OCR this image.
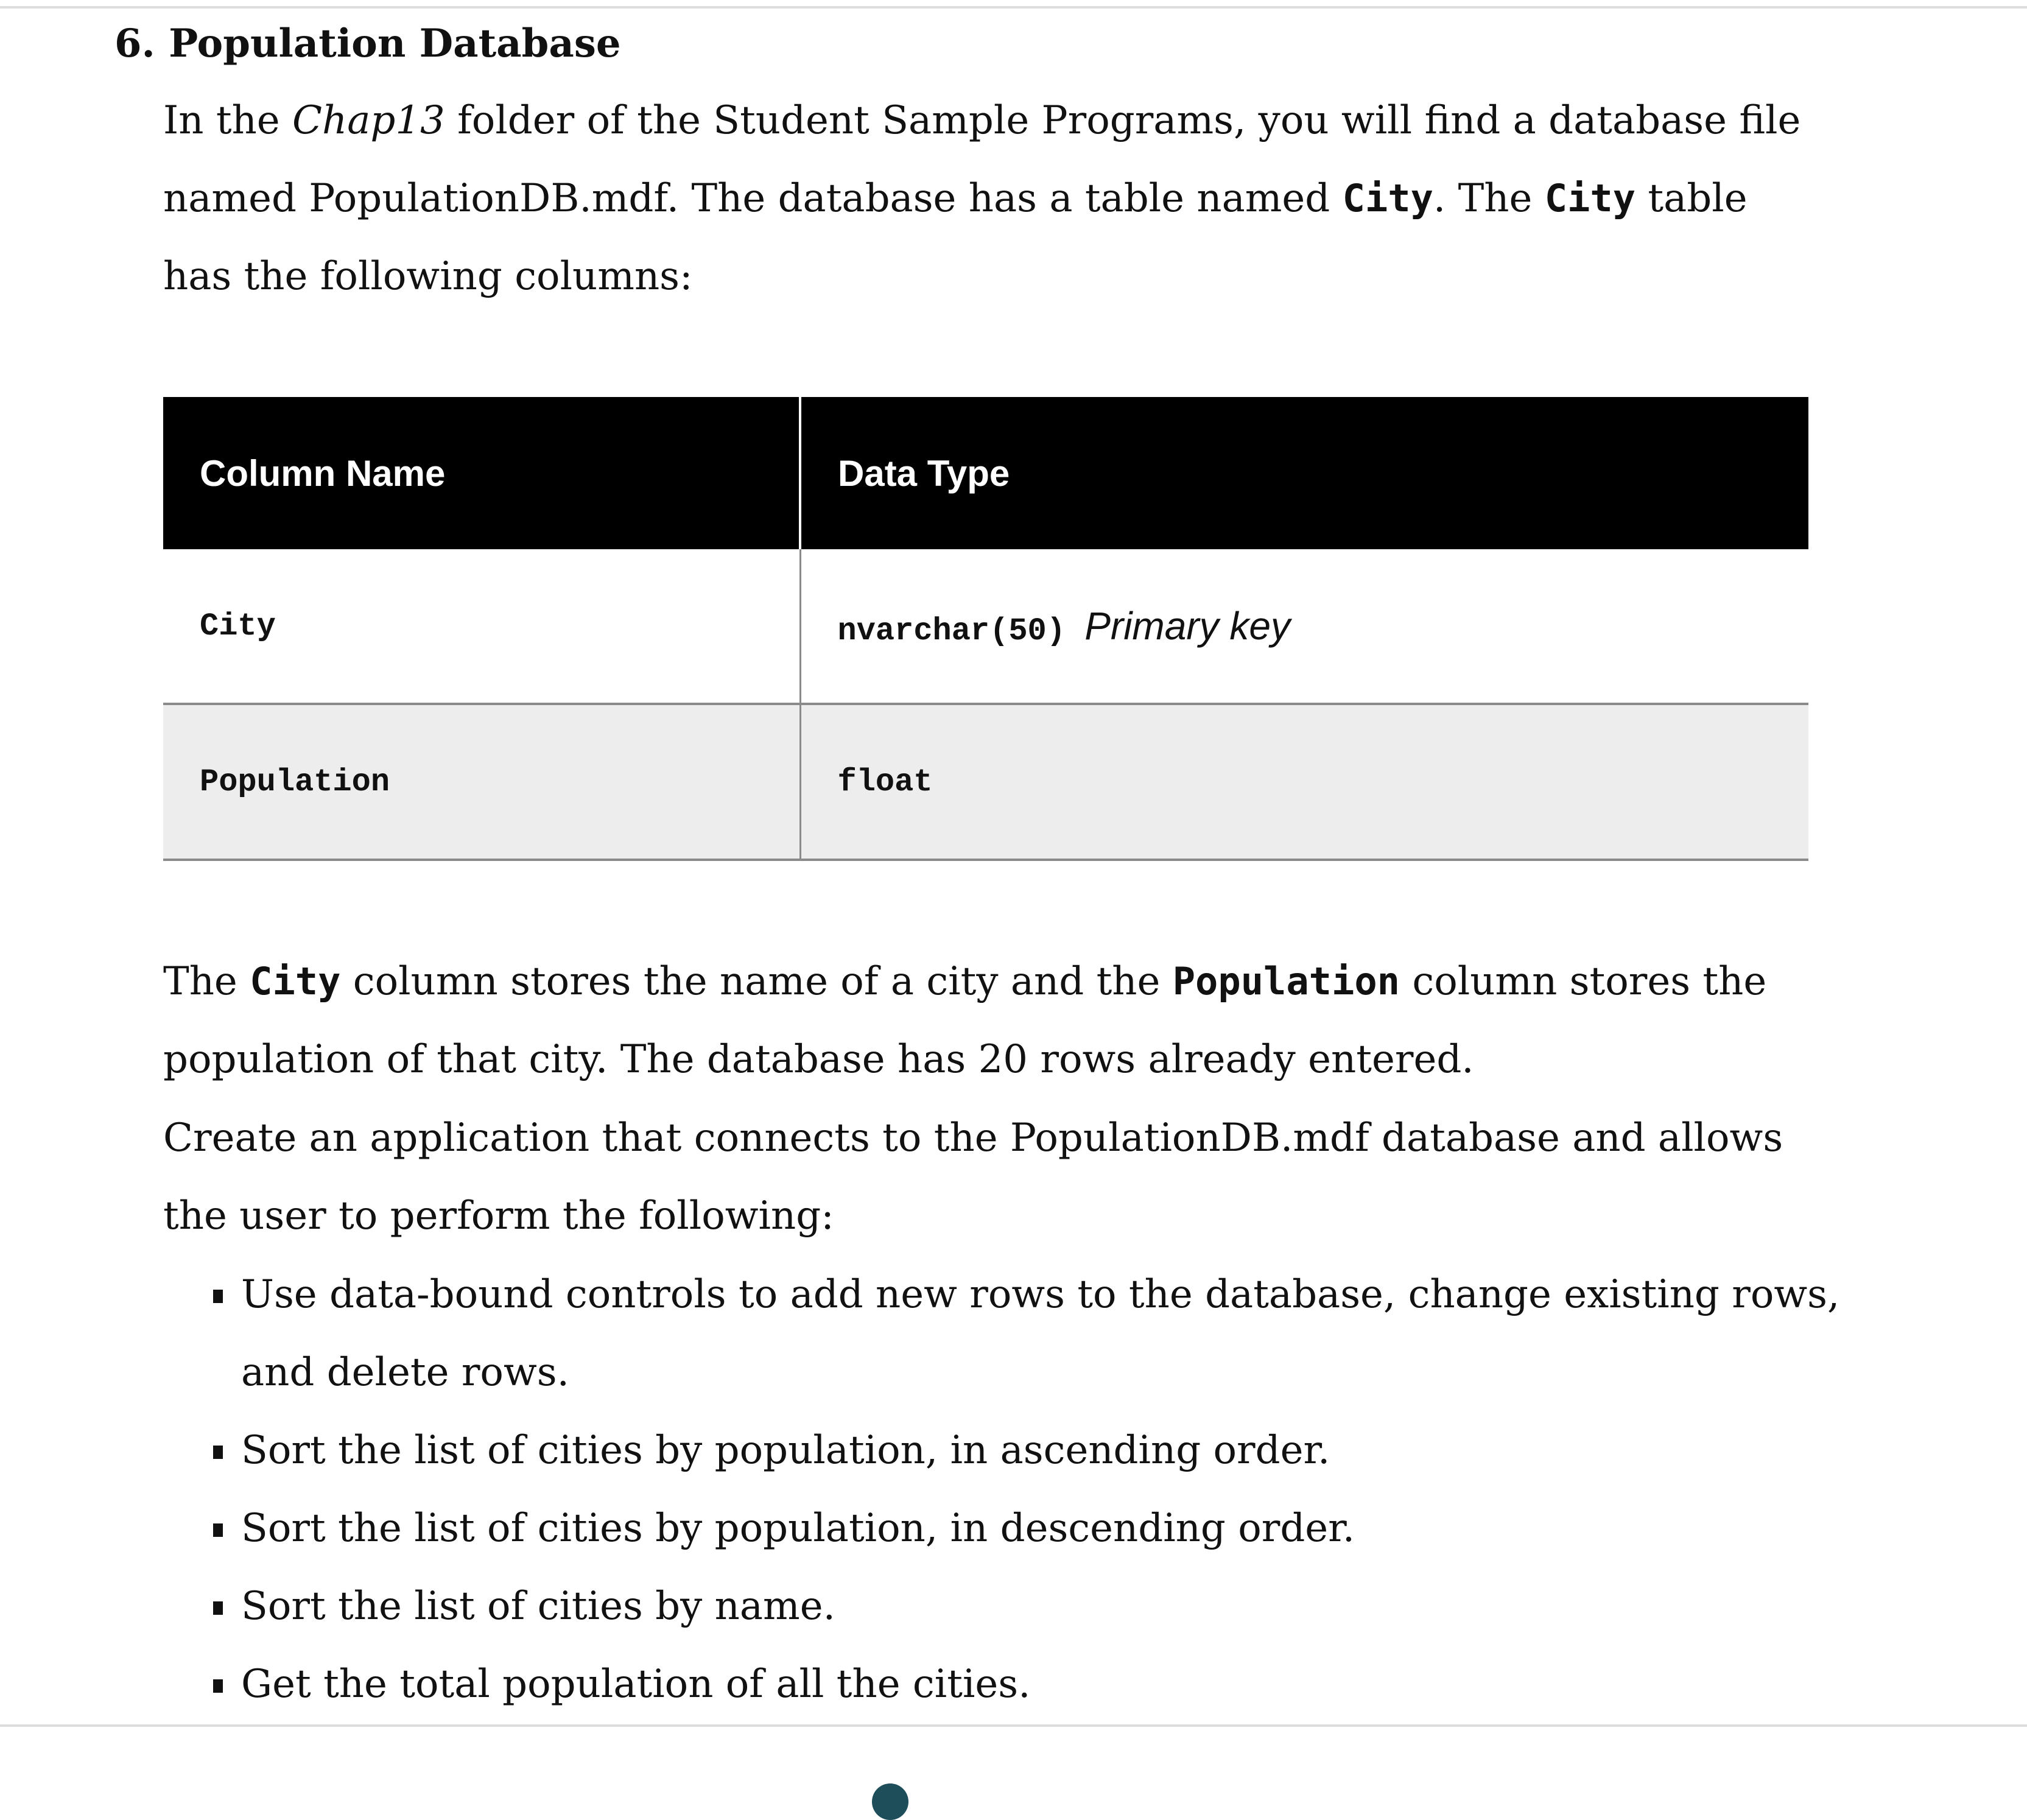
6. Population Database

In the Chap13 folder of the Student Sample Programs, you will find a database file
named PopulationDB.mdf. The database has a table named City. The City table
has the following columns:

Column Name	Data Type
City	nvarchar(50) Primary key
Population	float

The City column stores the name of a city and the Population column stores the
population of that city. The database has 20 rows already entered.

Create an application that connects to the PopulationDB.mdf database and allows
the user to perform the following:

Use data-bound controls to add new rows to the database, change existing rows,
and delete rows.
Sort the list of cities by population, in ascending order.
Sort the list of cities by population, in descending order.
Sort the list of cities by name.
Get the total population of all the cities.
